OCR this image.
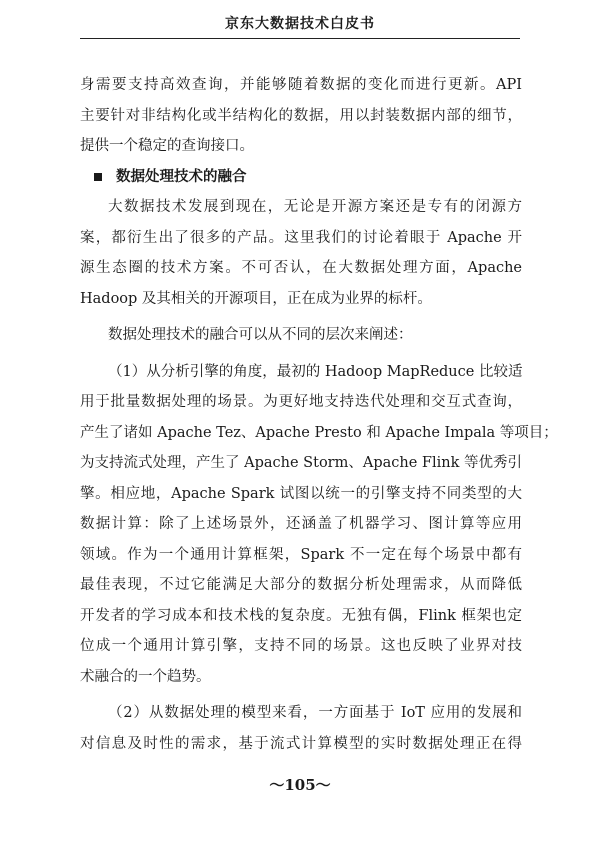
京东大数据技术白皮书
身需要支持高效查询，并能够随着数据的变化而进行更新。API
主要针对非结构化或半结构化的数据，用以封装数据内部的细节，
提供一个稳定的查询接口。
数据处理技术的融合
大数据技术发展到现在，无论是开源方案还是专有的闭源方
案，都衍生出了很多的产品。这里我们的讨论着眼于 Apache 开
源生态圈的技术方案。不可否认，在大数据处理方面，Apache
Hadoop 及其相关的开源项目，正在成为业界的标杆。
数据处理技术的融合可以从不同的层次来阐述：
（1）从分析引擎的角度，最初的 Hadoop MapReduce 比较适
用于批量数据处理的场景。为更好地支持迭代处理和交互式查询，
产生了诸如 Apache Tez、Apache Presto 和 Apache Impala 等项目；
为支持流式处理，产生了 Apache Storm、Apache Flink 等优秀引
擎。相应地，Apache Spark 试图以统一的引擎支持不同类型的大
数据计算：除了上述场景外，还涵盖了机器学习、图计算等应用
领域。作为一个通用计算框架，Spark 不一定在每个场景中都有
最佳表现，不过它能满足大部分的数据分析处理需求，从而降低
开发者的学习成本和技术栈的复杂度。无独有偶，Flink 框架也定
位成一个通用计算引擎，支持不同的场景。这也反映了业界对技
术融合的一个趋势。
（2）从数据处理的模型来看，一方面基于 IoT 应用的发展和
对信息及时性的需求，基于流式计算模型的实时数据处理正在得
～105～
